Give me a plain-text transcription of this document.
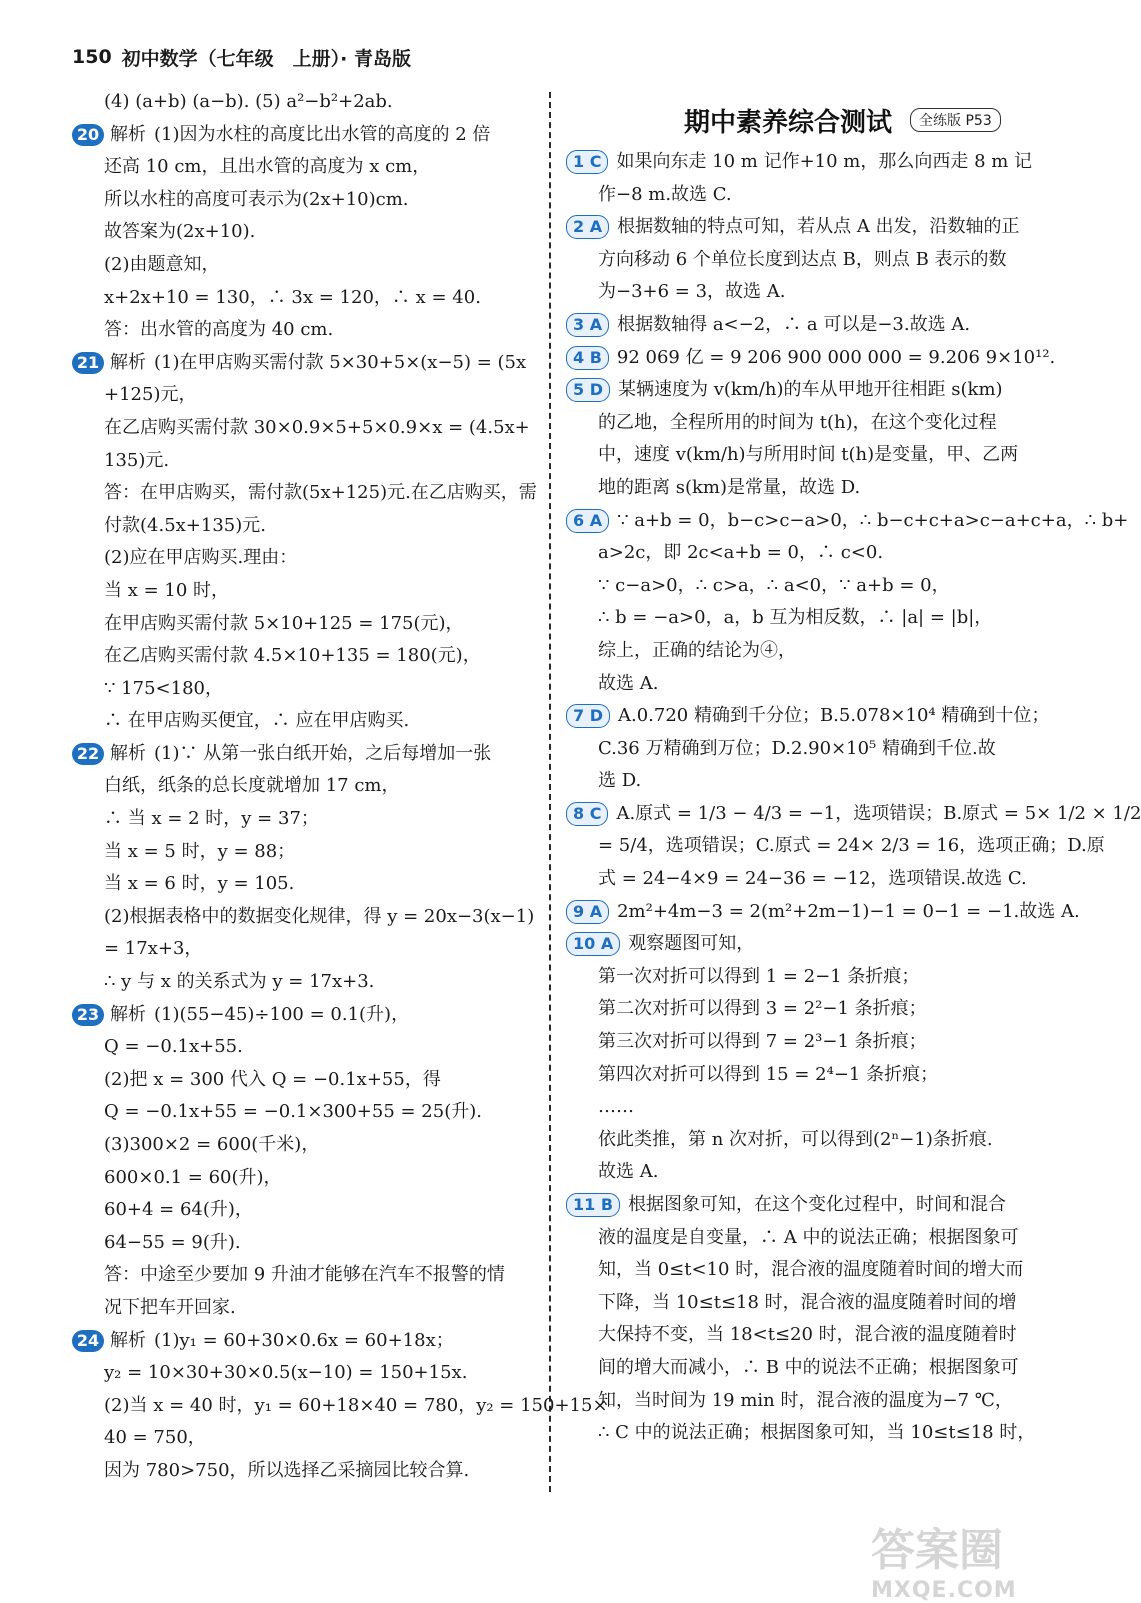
150 初中数学（七年级　上册）· 青岛版
(4) (a+b) (a−b). (5) a²−b²+2ab.
20 解析 (1)因为水柱的高度比出水管的高度的 2 倍
还高 10 cm，且出水管的高度为 x cm，
所以水柱的高度可表示为(2x+10)cm.
故答案为(2x+10).
(2)由题意知，
x+2x+10 = 130，∴ 3x = 120，∴ x = 40.
答：出水管的高度为 40 cm.
21 解析 (1)在甲店购买需付款 5×30+5×(x−5) = (5x
+125)元，
在乙店购买需付款 30×0.9×5+5×0.9×x = (4.5x+
135)元.
答：在甲店购买，需付款(5x+125)元.在乙店购买，需
付款(4.5x+135)元.
(2)应在甲店购买.理由：
当 x = 10 时，
在甲店购买需付款 5×10+125 = 175(元)，
在乙店购买需付款 4.5×10+135 = 180(元)，
∵ 175<180，
∴ 在甲店购买便宜，∴ 应在甲店购买.
22 解析 (1)∵ 从第一张白纸开始，之后每增加一张
白纸，纸条的总长度就增加 17 cm，
∴ 当 x = 2 时，y = 37；
当 x = 5 时，y = 88；
当 x = 6 时，y = 105.
(2)根据表格中的数据变化规律，得 y = 20x−3(x−1)
= 17x+3，
∴ y 与 x 的关系式为 y = 17x+3.
23 解析 (1)(55−45)÷100 = 0.1(升)，
Q = −0.1x+55.
(2)把 x = 300 代入 Q = −0.1x+55，得
Q = −0.1x+55 = −0.1×300+55 = 25(升).
(3)300×2 = 600(千米)，
600×0.1 = 60(升)，
60+4 = 64(升)，
64−55 = 9(升).
答：中途至少要加 9 升油才能够在汽车不报警的情
况下把车开回家.
24 解析 (1)y₁ = 60+30×0.6x = 60+18x；
y₂ = 10×30+30×0.5(x−10) = 150+15x.
(2)当 x = 40 时，y₁ = 60+18×40 = 780，y₂ = 150+15×
40 = 750，
因为 780>750，所以选择乙采摘园比较合算.
期中素养综合测试	全练版 P53
1 C 如果向东走 10 m 记作+10 m，那么向西走 8 m 记
作−8 m.故选 C.
2 A 根据数轴的特点可知，若从点 A 出发，沿数轴的正
方向移动 6 个单位长度到达点 B，则点 B 表示的数
为−3+6 = 3，故选 A.
3 A 根据数轴得 a<−2，∴ a 可以是−3.故选 A.
4 B 92 069 亿 = 9 206 900 000 000 = 9.206 9×10¹².
5 D 某辆速度为 v(km/h)的车从甲地开往相距 s(km)
的乙地，全程所用的时间为 t(h)，在这个变化过程
中，速度 v(km/h)与所用时间 t(h)是变量，甲、乙两
地的距离 s(km)是常量，故选 D.
6 A ∵ a+b = 0，b−c>c−a>0，∴ b−c+c+a>c−a+c+a，∴ b+
a>2c，即 2c<a+b = 0，∴ c<0.
∵ c−a>0，∴ c>a，∴ a<0，∵ a+b = 0，
∴ b = −a>0，a，b 互为相反数，∴ |a| = |b|，
综上，正确的结论为④，
故选 A.
7 D A.0.720 精确到千分位；B.5.078×10⁴ 精确到十位；
C.36 万精确到万位；D.2.90×10⁵ 精确到千位.故
选 D.
8 C A.原式 = 1/3 − 4/3 = −1，选项错误；B.原式 = 5× 1/2 × 1/2
= 5/4，选项错误；C.原式 = 24× 2/3 = 16，选项正确；D.原
式 = 24−4×9 = 24−36 = −12，选项错误.故选 C.
9 A 2m²+4m−3 = 2(m²+2m−1)−1 = 0−1 = −1.故选 A.
10 A 观察题图可知，
第一次对折可以得到 1 = 2−1 条折痕；
第二次对折可以得到 3 = 2²−1 条折痕；
第三次对折可以得到 7 = 2³−1 条折痕；
第四次对折可以得到 15 = 2⁴−1 条折痕；
……
依此类推，第 n 次对折，可以得到(2ⁿ−1)条折痕.
故选 A.
11 B 根据图象可知，在这个变化过程中，时间和混合
液的温度是自变量，∴ A 中的说法正确；根据图象可
知，当 0≤t<10 时，混合液的温度随着时间的增大而
下降，当 10≤t≤18 时，混合液的温度随着时间的增
大保持不变，当 18<t≤20 时，混合液的温度随着时
间的增大而减小，∴ B 中的说法不正确；根据图象可
知，当时间为 19 min 时，混合液的温度为−7 ℃，
∴ C 中的说法正确；根据图象可知，当 10≤t≤18 时，
答案圈
MXQE.COM
